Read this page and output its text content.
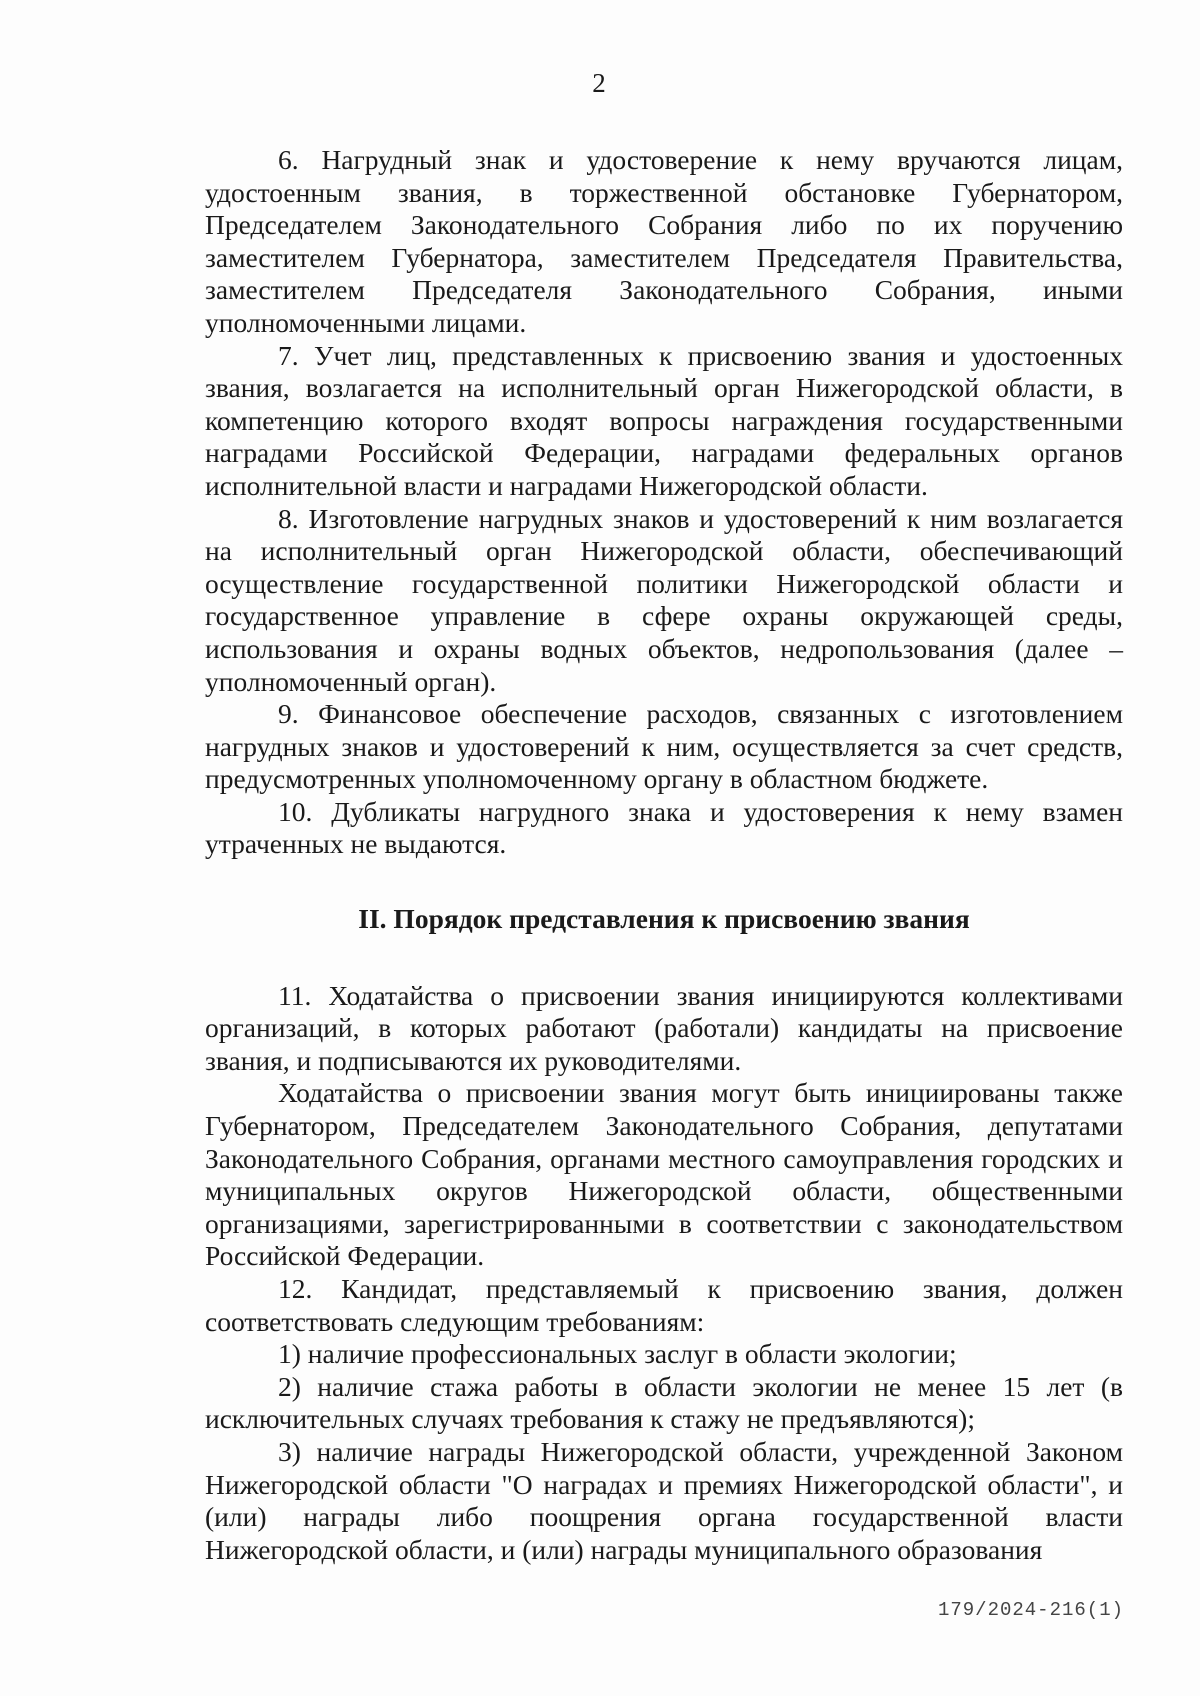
2

6. Нагрудный знак и удостоверение к нему вручаются лицам, удостоенным звания, в торжественной обстановке Губернатором, Председателем Законодательного Собрания либо по их поручению заместителем Губернатора, заместителем Председателя Правительства, заместителем Председателя Законодательного Собрания, иными уполномоченными лицами.

7. Учет лиц, представленных к присвоению звания и удостоенных звания, возлагается на исполнительный орган Нижегородской области, в компетенцию которого входят вопросы награждения государственными наградами Российской Федерации, наградами федеральных органов исполнительной власти и наградами Нижегородской области.

8. Изготовление нагрудных знаков и удостоверений к ним возлагается на исполнительный орган Нижегородской области, обеспечивающий осуществление государственной политики Нижегородской области и государственное управление в сфере охраны окружающей среды, использования и охраны водных объектов, недропользования (далее – уполномоченный орган).

9. Финансовое обеспечение расходов, связанных с изготовлением нагрудных знаков и удостоверений к ним, осуществляется за счет средств, предусмотренных уполномоченному органу в областном бюджете.

10. Дубликаты нагрудного знака и удостоверения к нему взамен утраченных не выдаются.

II. Порядок представления к присвоению звания

11. Ходатайства о присвоении звания инициируются коллективами организаций, в которых работают (работали) кандидаты на присвоение звания, и подписываются их руководителями.

Ходатайства о присвоении звания могут быть инициированы также Губернатором, Председателем Законодательного Собрания, депутатами Законодательного Собрания, органами местного самоуправления городских и муниципальных округов Нижегородской области, общественными организациями, зарегистрированными в соответствии с законодательством Российской Федерации.

12. Кандидат, представляемый к присвоению звания, должен соответствовать следующим требованиям:

1) наличие профессиональных заслуг в области экологии;

2) наличие стажа работы в области экологии не менее 15 лет (в исключительных случаях требования к стажу не предъявляются);

3) наличие награды Нижегородской области, учрежденной Законом Нижегородской области "О наградах и премиях Нижегородской области", и (или) награды либо поощрения органа государственной власти Нижегородской области, и (или) награды муниципального образования

179/2024-216(1)
